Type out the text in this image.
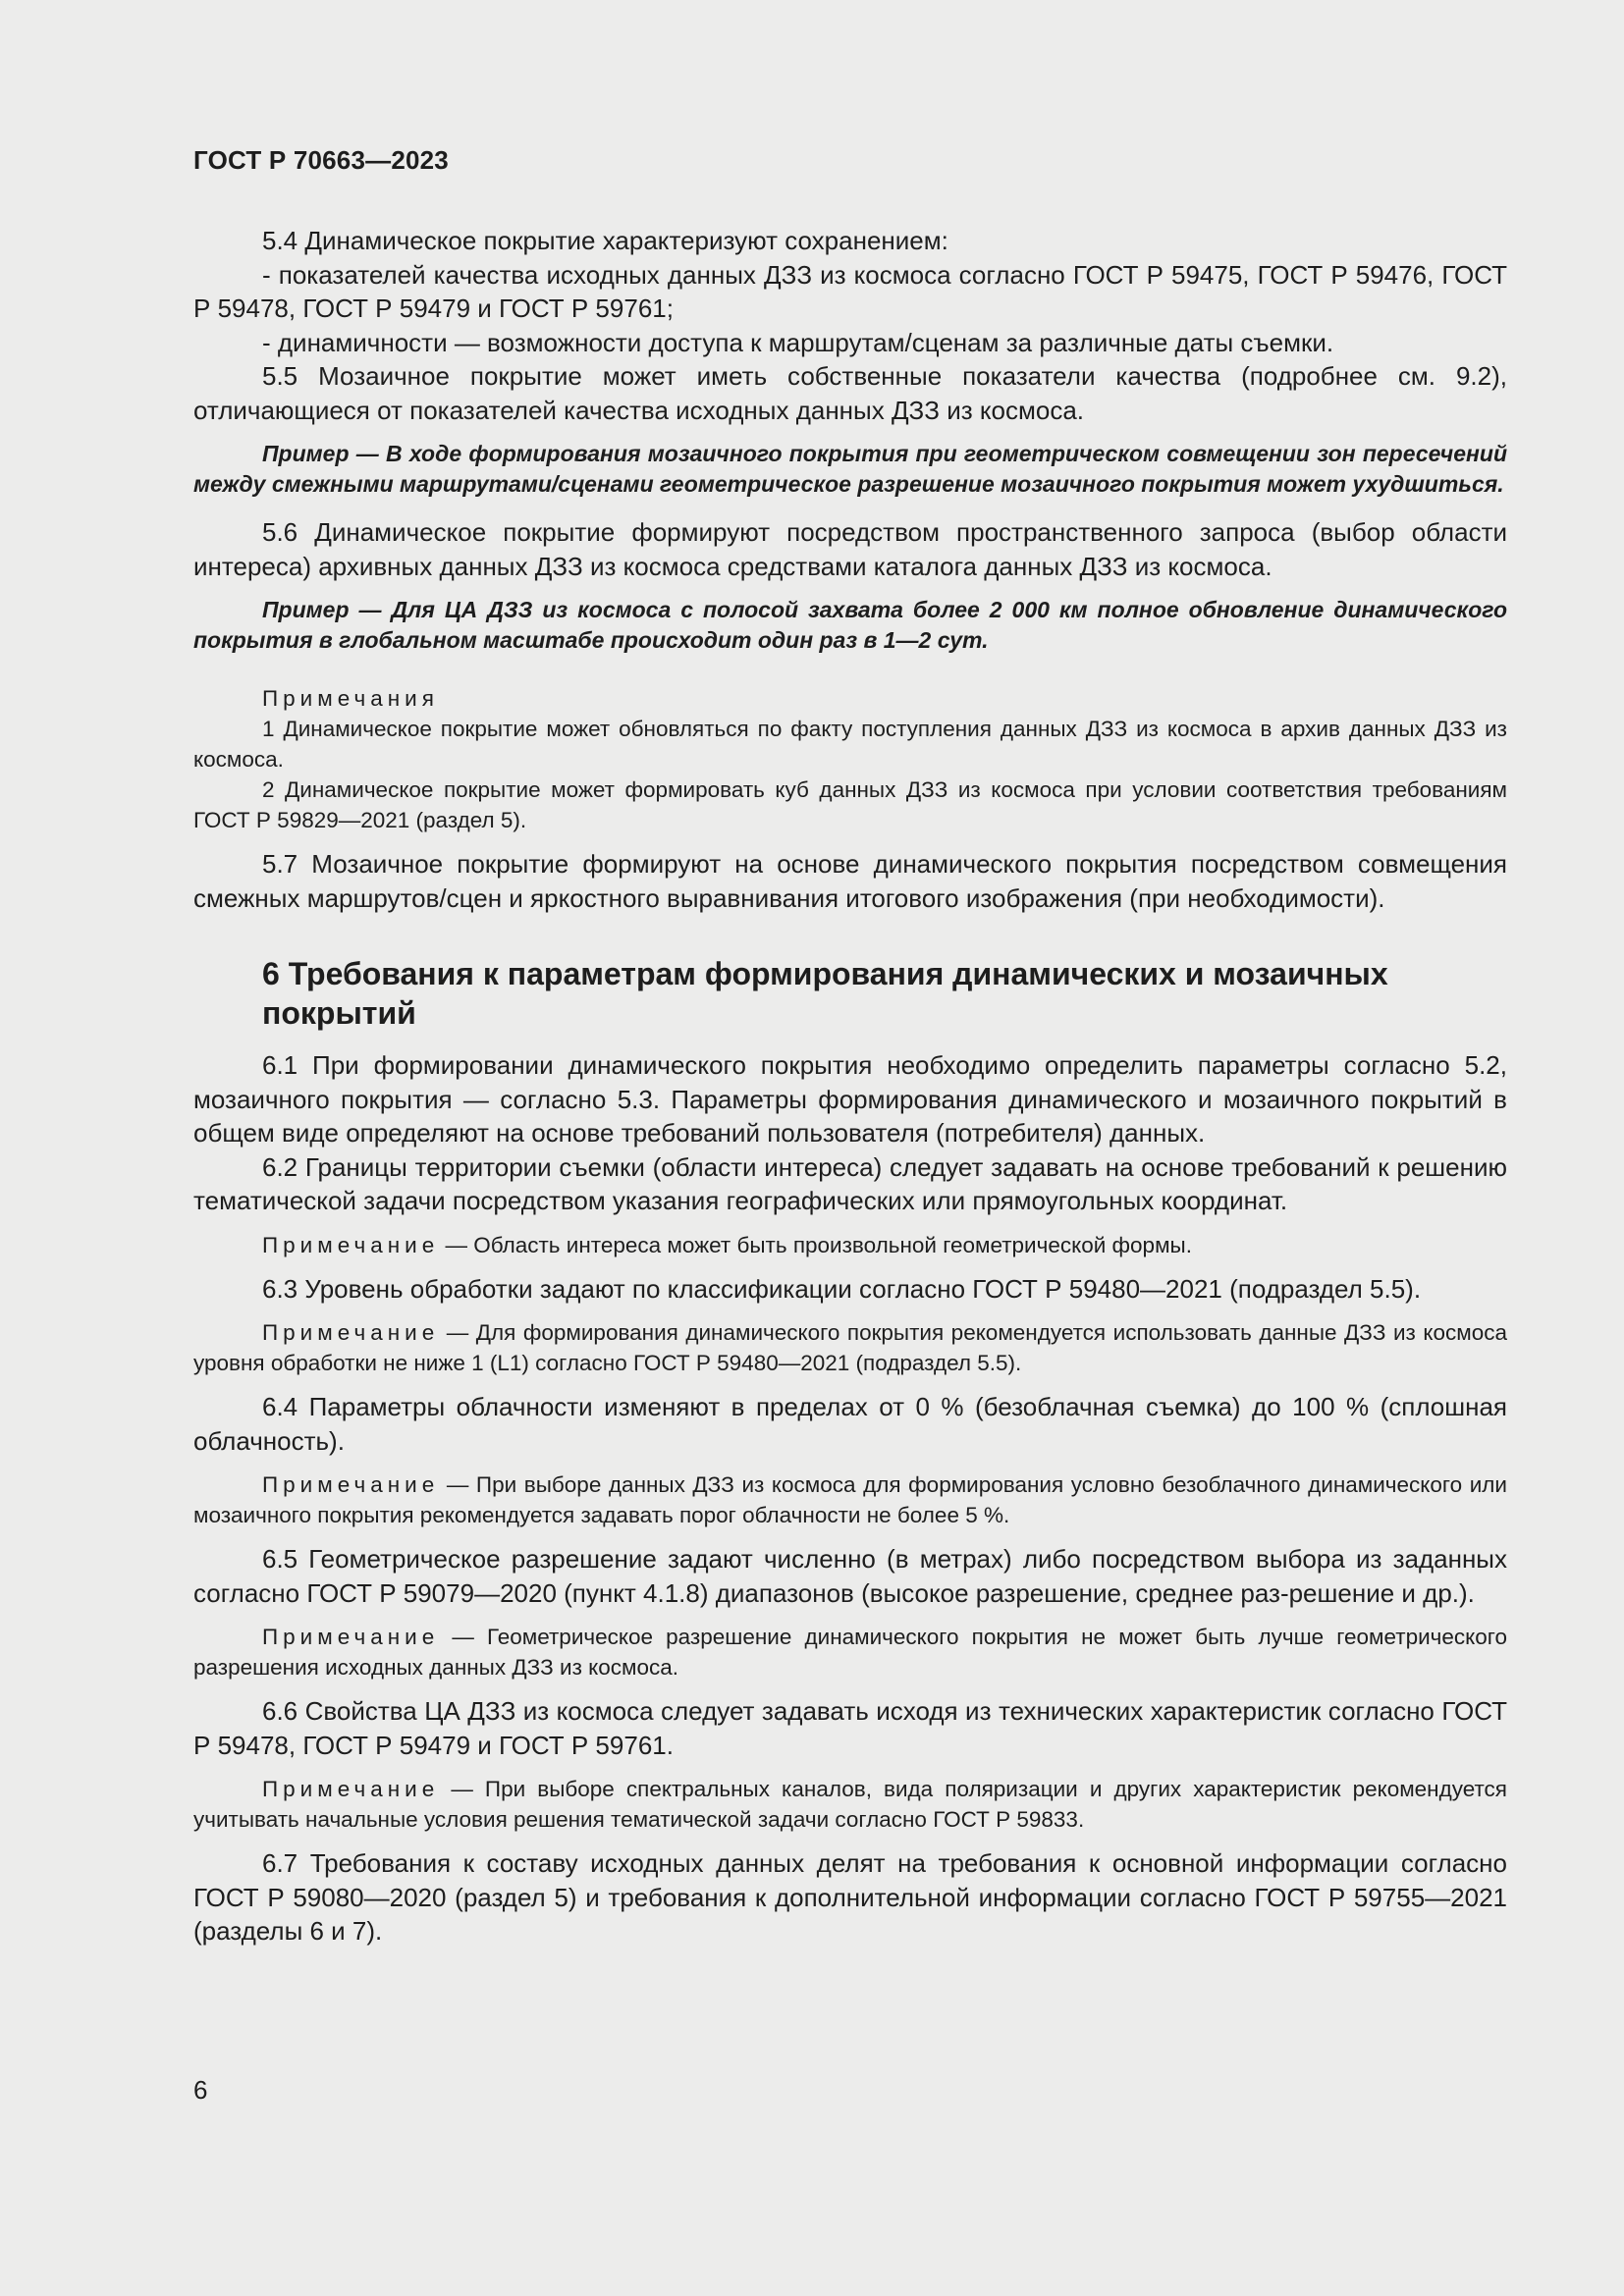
ГОСТ Р 70663—2023

5.4 Динамическое покрытие характеризуют сохранением:

- показателей качества исходных данных ДЗЗ из космоса согласно ГОСТ Р 59475, ГОСТ Р 59476, ГОСТ Р 59478, ГОСТ Р 59479 и ГОСТ Р 59761;

- динамичности — возможности доступа к маршрутам/сценам за различные даты съемки.

5.5 Мозаичное покрытие может иметь собственные показатели качества (подробнее см. 9.2), отличающиеся от показателей качества исходных данных ДЗЗ из космоса.

Пример — В ходе формирования мозаичного покрытия при геометрическом совмещении зон пересечений между смежными маршрутами/сценами геометрическое разрешение мозаичного покрытия может ухудшиться.

5.6 Динамическое покрытие формируют посредством пространственного запроса (выбор области интереса) архивных данных ДЗЗ из космоса средствами каталога данных ДЗЗ из космоса.

Пример — Для ЦА ДЗЗ из космоса с полосой захвата более 2 000 км полное обновление динамического покрытия в глобальном масштабе происходит один раз в 1—2 сут.

Примечания

1 Динамическое покрытие может обновляться по факту поступления данных ДЗЗ из космоса в архив данных ДЗЗ из космоса.

2 Динамическое покрытие может формировать куб данных ДЗЗ из космоса при условии соответствия требованиям ГОСТ Р 59829—2021 (раздел 5).

5.7 Мозаичное покрытие формируют на основе динамического покрытия посредством совмещения смежных маршрутов/сцен и яркостного выравнивания итогового изображения (при необходимости).

6 Требования к параметрам формирования динамических и мозаичных покрытий

6.1 При формировании динамического покрытия необходимо определить параметры согласно 5.2, мозаичного покрытия — согласно 5.3. Параметры формирования динамического и мозаичного покрытий в общем виде определяют на основе требований пользователя (потребителя) данных.

6.2 Границы территории съемки (области интереса) следует задавать на основе требований к решению тематической задачи посредством указания географических или прямоугольных координат.

Примечание — Область интереса может быть произвольной геометрической формы.

6.3 Уровень обработки задают по классификации согласно ГОСТ Р 59480—2021 (подраздел 5.5).

Примечание — Для формирования динамического покрытия рекомендуется использовать данные ДЗЗ из космоса уровня обработки не ниже 1 (L1) согласно ГОСТ Р 59480—2021 (подраздел 5.5).

6.4 Параметры облачности изменяют в пределах от 0 % (безоблачная съемка) до 100 % (сплошная облачность).

Примечание — При выборе данных ДЗЗ из космоса для формирования условно безоблачного динамического или мозаичного покрытия рекомендуется задавать порог облачности не более 5 %.

6.5 Геометрическое разрешение задают численно (в метрах) либо посредством выбора из заданных согласно ГОСТ Р 59079—2020 (пункт 4.1.8) диапазонов (высокое разрешение, среднее раз-решение и др.).

Примечание — Геометрическое разрешение динамического покрытия не может быть лучше геометрического разрешения исходных данных ДЗЗ из космоса.

6.6 Свойства ЦА ДЗЗ из космоса следует задавать исходя из технических характеристик согласно ГОСТ Р 59478, ГОСТ Р 59479 и ГОСТ Р 59761.

Примечание — При выборе спектральных каналов, вида поляризации и других характеристик рекомендуется учитывать начальные условия решения тематической задачи согласно ГОСТ Р 59833.

6.7 Требования к составу исходных данных делят на требования к основной информации согласно ГОСТ Р 59080—2020 (раздел 5) и требования к дополнительной информации согласно ГОСТ Р 59755—2021 (разделы 6 и 7).

6
